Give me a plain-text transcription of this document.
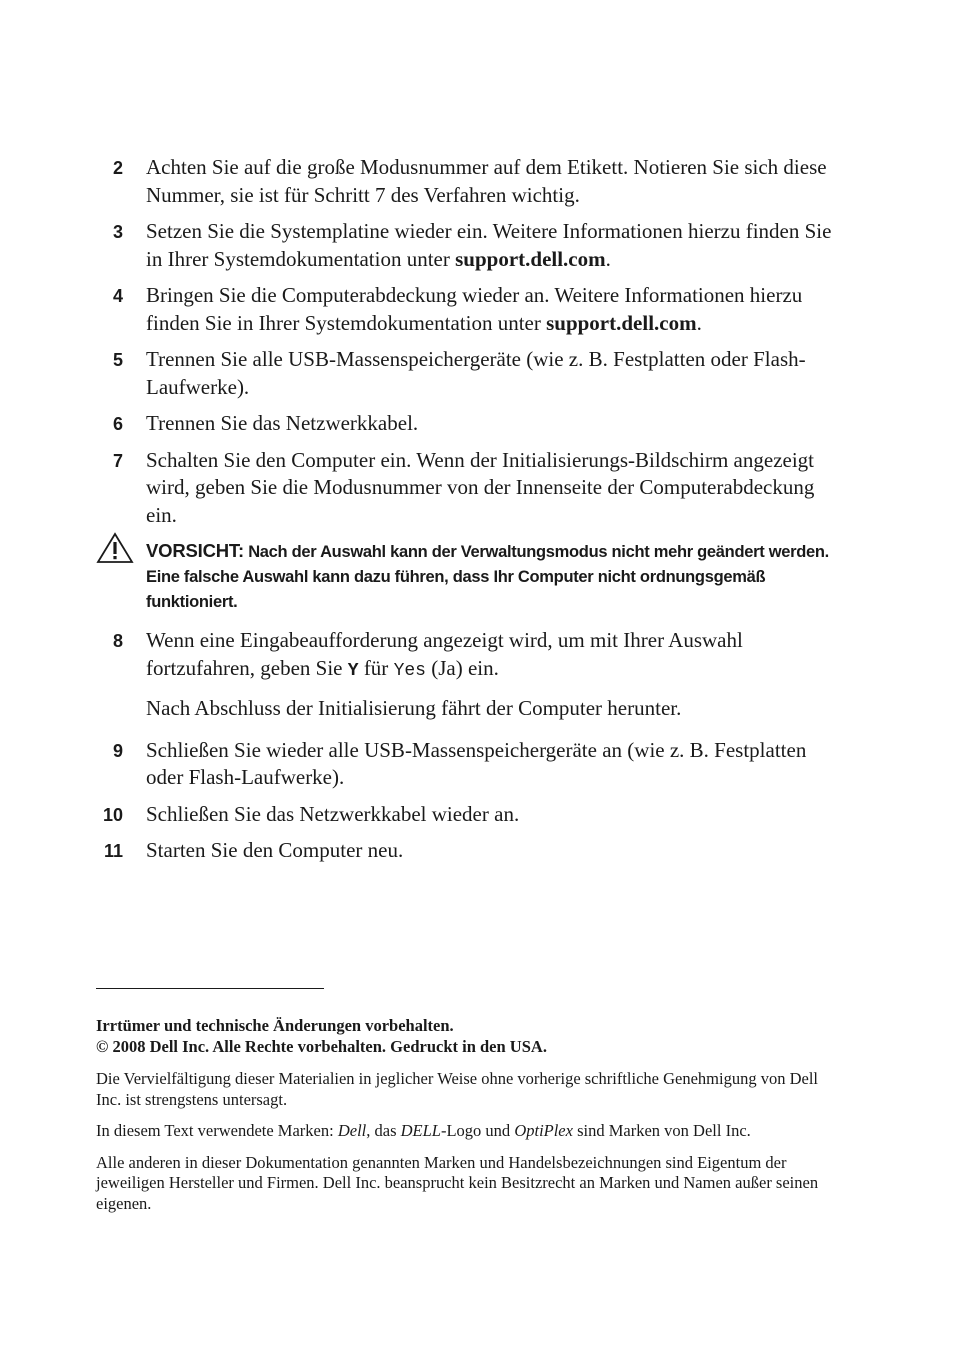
2 Achten Sie auf die große Modusnummer auf dem Etikett. Notieren Sie sich diese Nummer, sie ist für Schritt 7 des Verfahren wichtig.
3 Setzen Sie die Systemplatine wieder ein. Weitere Informationen hierzu finden Sie in Ihrer Systemdokumentation unter support.dell.com.
4 Bringen Sie die Computerabdeckung wieder an. Weitere Informationen hierzu finden Sie in Ihrer Systemdokumentation unter support.dell.com.
5 Trennen Sie alle USB-Massenspeichergeräte (wie z. B. Festplatten oder Flash-Laufwerke).
6 Trennen Sie das Netzwerkkabel.
7 Schalten Sie den Computer ein. Wenn der Initialisierungs-Bildschirm angezeigt wird, geben Sie die Modusnummer von der Innenseite der Computerabdeckung ein.
VORSICHT: Nach der Auswahl kann der Verwaltungsmodus nicht mehr geändert werden. Eine falsche Auswahl kann dazu führen, dass Ihr Computer nicht ordnungsgemäß funktioniert.
8 Wenn eine Eingabeaufforderung angezeigt wird, um mit Ihrer Auswahl fortzufahren, geben Sie Y für Yes (Ja) ein.
Nach Abschluss der Initialisierung fährt der Computer herunter.
9 Schließen Sie wieder alle USB-Massenspeichergeräte an (wie z. B. Festplatten oder Flash-Laufwerke).
10 Schließen Sie das Netzwerkkabel wieder an.
11 Starten Sie den Computer neu.
Irrtümer und technische Änderungen vorbehalten.
© 2008 Dell Inc. Alle Rechte vorbehalten. Gedruckt in den USA.

Die Vervielfältigung dieser Materialien in jeglicher Weise ohne vorherige schriftliche Genehmigung von Dell Inc. ist strengstens untersagt.

In diesem Text verwendete Marken: Dell, das DELL-Logo und OptiPlex sind Marken von Dell Inc.

Alle anderen in dieser Dokumentation genannten Marken und Handelsbezeichnungen sind Eigentum der jeweiligen Hersteller und Firmen. Dell Inc. beansprucht kein Besitzrecht an Marken und Namen außer seinen eigenen.
